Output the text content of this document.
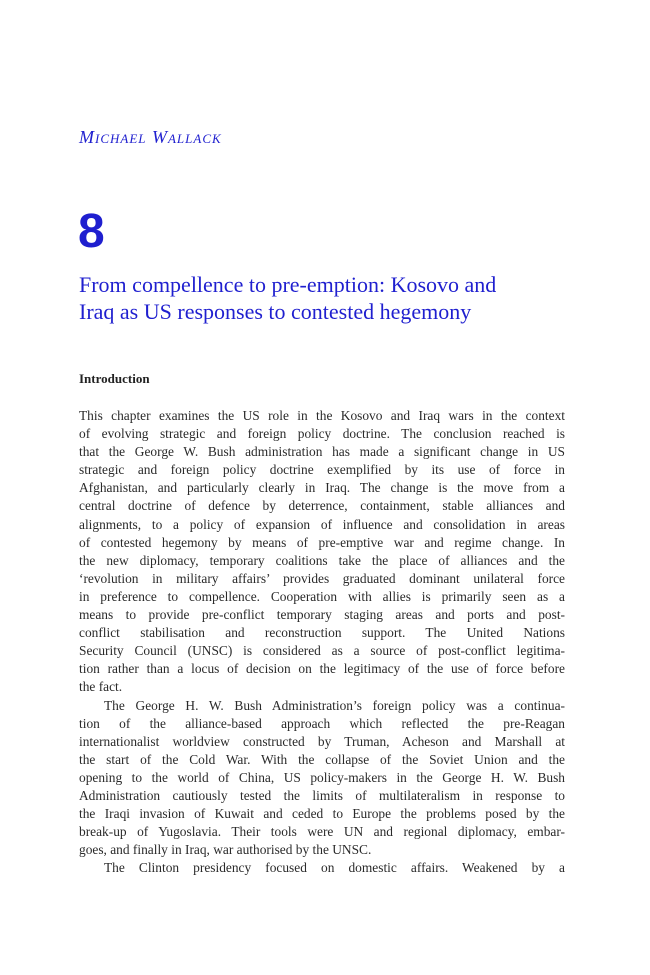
Michael Wallack
8
From compellence to pre-emption: Kosovo and
Iraq as US responses to contested hegemony
Introduction
This chapter examines the US role in the Kosovo and Iraq wars in the context
of evolving strategic and foreign policy doctrine. The conclusion reached is
that the George W. Bush administration has made a significant change in US
strategic and foreign policy doctrine exemplified by its use of force in
Afghanistan, and particularly clearly in Iraq. The change is the move from a
central doctrine of defence by deterrence, containment, stable alliances and
alignments, to a policy of expansion of influence and consolidation in areas
of contested hegemony by means of pre-emptive war and regime change. In
the new diplomacy, temporary coalitions take the place of alliances and the
‘revolution in military affairs’ provides graduated dominant unilateral force
in preference to compellence. Cooperation with allies is primarily seen as a
means to provide pre-conflict temporary staging areas and ports and post-
conflict stabilisation and reconstruction support. The United Nations
Security Council (UNSC) is considered as a source of post-conflict legitima-
tion rather than a locus of decision on the legitimacy of the use of force before
the fact.
The George H. W. Bush Administration’s foreign policy was a continua-
tion of the alliance-based approach which reflected the pre-Reagan
internationalist worldview constructed by Truman, Acheson and Marshall at
the start of the Cold War. With the collapse of the Soviet Union and the
opening to the world of China, US policy-makers in the George H. W. Bush
Administration cautiously tested the limits of multilateralism in response to
the Iraqi invasion of Kuwait and ceded to Europe the problems posed by the
break-up of Yugoslavia. Their tools were UN and regional diplomacy, embar-
goes, and finally in Iraq, war authorised by the UNSC.
The Clinton presidency focused on domestic affairs. Weakened by a
